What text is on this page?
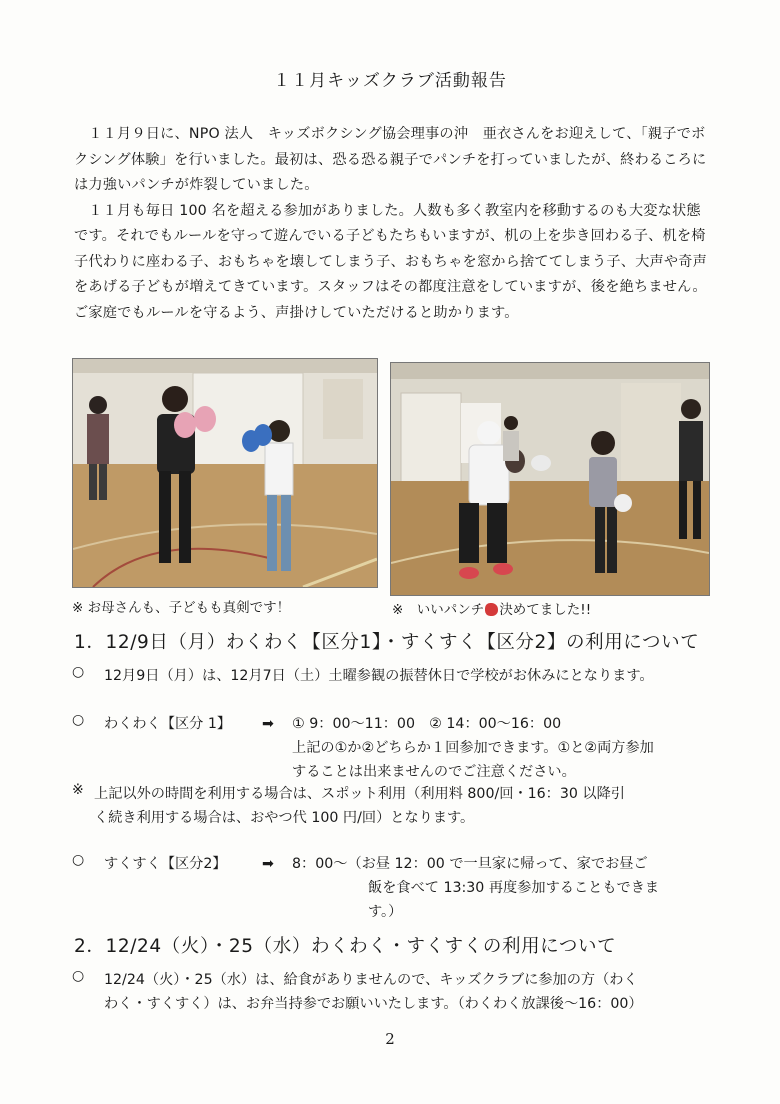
１１月キッズクラブ活動報告

１１月９日に、NPO 法人　キッズボクシング協会理事の沖　亜衣さんをお迎えして、「親子でボクシング体験」を行いました。最初は、恐る恐る親子でパンチを打っていましたが、終わるころには力強いパンチが炸裂していました。

１１月も毎日 100 名を超える参加がありました。人数も多く教室内を移動するのも大変な状態です。それでもルールを守って遊んでいる子どもたちもいますが、机の上を歩き回わる子、机を椅子代わりに座わる子、おもちゃを壊してしまう子、おもちゃを窓から捨ててしまう子、大声や奇声をあげる子どもが増えてきています。スタッフはその都度注意をしていますが、後を絶ちません。ご家庭でもルールを守るよう、声掛けしていただけると助かります。

※ お母さんも、子どもも真剣です！	※　いいパンチ 決めてました!!
1．12/9日（月）わくわく【区分1】・すくすく【区分2】の利用について
○ 12月9日（月）は、12月7日（土）土曜参観の振替休日で学校がお休みにとなります。
○ わくわく【区分 1】 ➡ ① 9：00～11：00　② 14：00～16：00
上記の①か②どちらか１回参加できます。①と②両方参加
することは出来ませんのでご注意ください。
※ 上記以外の時間を利用する場合は、スポット利用（利用料 800/回・16：30 以降引
く続き利用する場合は、おやつ代 100 円/回）となります。
○ すくすく【区分2】 ➡ 8：00～（お昼 12：00 で一旦家に帰って、家でお昼ご
飯を食べて 13:30 再度参加することもできま
す。）
2．12/24（火）・25（水）わくわく・すくすくの利用について
○ 12/24（火）・25（水）は、給食がありませんので、キッズクラブに参加の方（わく
わく・すくすく）は、お弁当持参でお願いいたします。（わくわく放課後～16：00）
2
